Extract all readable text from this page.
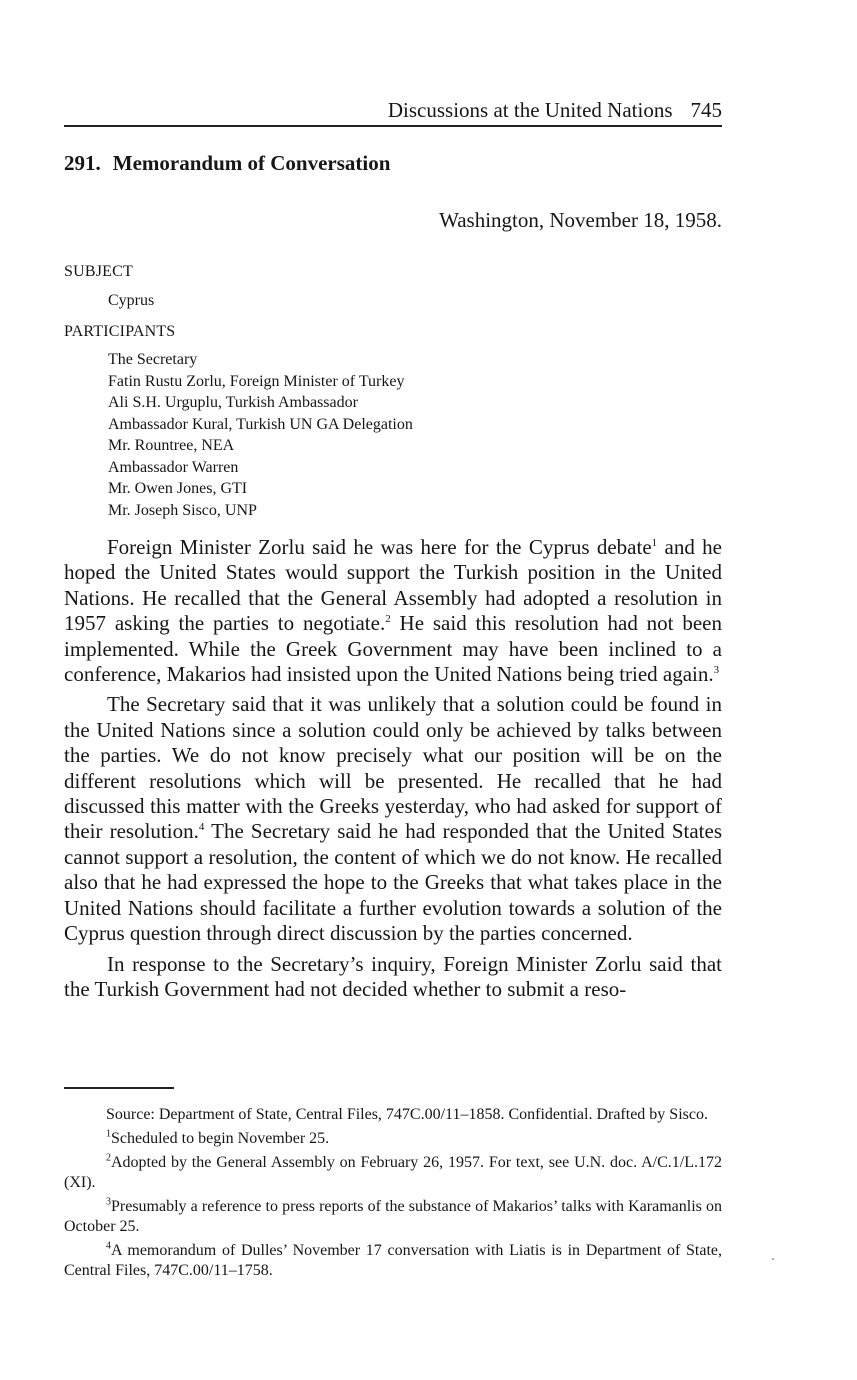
Discussions at the United Nations 745
291. Memorandum of Conversation
Washington, November 18, 1958.
SUBJECT
Cyprus
PARTICIPANTS
The Secretary
Fatin Rustu Zorlu, Foreign Minister of Turkey
Ali S.H. Urguplu, Turkish Ambassador
Ambassador Kural, Turkish UN GA Delegation
Mr. Rountree, NEA
Ambassador Warren
Mr. Owen Jones, GTI
Mr. Joseph Sisco, UNP

Foreign Minister Zorlu said he was here for the Cyprus debate$^1$ and he hoped the United States would support the Turkish position in the United Nations. He recalled that the General Assembly had adopted a resolution in 1957 asking the parties to negotiate.$^2$ He said this resolution had not been implemented. While the Greek Government may have been inclined to a conference, Makarios had insisted upon the United Nations being tried again.$^3$

The Secretary said that it was unlikely that a solution could be found in the United Nations since a solution could only be achieved by talks between the parties. We do not know precisely what our position will be on the different resolutions which will be presented. He recalled that he had discussed this matter with the Greeks yesterday, who had asked for support of their resolution.$^4$ The Secretary said he had responded that the United States cannot support a resolution, the content of which we do not know. He recalled also that he had expressed the hope to the Greeks that what takes place in the United Nations should facilitate a further evolution towards a solution of the Cyprus question through direct discussion by the parties concerned.

In response to the Secretary’s inquiry, Foreign Minister Zorlu said that the Turkish Government had not decided whether to submit a reso-

Source: Department of State, Central Files, 747C.00/11–1858. Confidential. Drafted by Sisco.

$^1$Scheduled to begin November 25.

$^2$Adopted by the General Assembly on February 26, 1957. For text, see U.N. doc. A/C.1/L.172 (XI).

$^3$Presumably a reference to press reports of the substance of Makarios’ talks with Karamanlis on October 25.

$^4$A memorandum of Dulles’ November 17 conversation with Liatis is in Department of State, Central Files, 747C.00/11–1758.
